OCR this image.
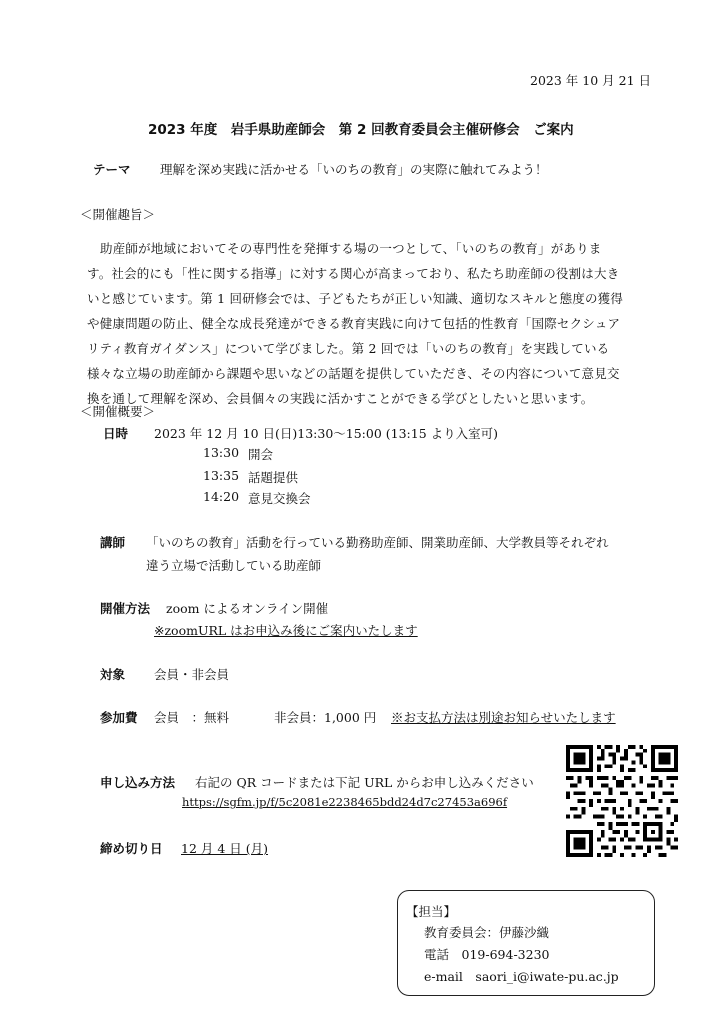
2023 年 10 月 21 日
2023 年度　岩手県助産師会　第 2 回教育委員会主催研修会　ご案内
テーマ 理解を深め実践に活かせる「いのちの教育」の実際に触れてみよう！
＜開催趣旨＞
助産師が地域においてその専門性を発揮する場の一つとして、「いのちの教育」がありま
す。社会的にも「性に関する指導」に対する関心が高まっており、私たち助産師の役割は大き
いと感じています。第 1 回研修会では、子どもたちが正しい知識、適切なスキルと態度の獲得
や健康問題の防止、健全な成長発達ができる教育実践に向けて包括的性教育「国際セクシュア
リティ教育ガイダンス」について学びました。第 2 回では「いのちの教育」を実践している
様々な立場の助産師から課題や思いなどの話題を提供していただき、その内容について意見交
換を通して理解を深め、会員個々の実践に活かすことができる学びとしたいと思います。
＜開催概要＞
日時 2023 年 12 月 10 日(日)13:30〜15:00 (13:15 より入室可)
13:30 開会
13:35 話題提供
14:20 意見交換会
講師 「いのちの教育」活動を行っている勤務助産師、開業助産師、大学教員等それぞれ
違う立場で活動している助産師
開催方法 zoom によるオンライン開催
※zoomURL はお申込み後にご案内いたします
対象 会員・非会員
参加費 会員　：無料	非会員：1,000 円 ※お支払方法は別途お知らせいたします
申し込み方法 右記の QR コードまたは下記 URL からお申し込みください
https://sgfm.jp/f/5c2081e2238465bdd24d7c27453a696f
締め切り日 12 月 4 日 (月)
【担当】
教育委員会：伊藤沙織
電話　019-694-3230
e-mail　saori_i@iwate-pu.ac.jp
